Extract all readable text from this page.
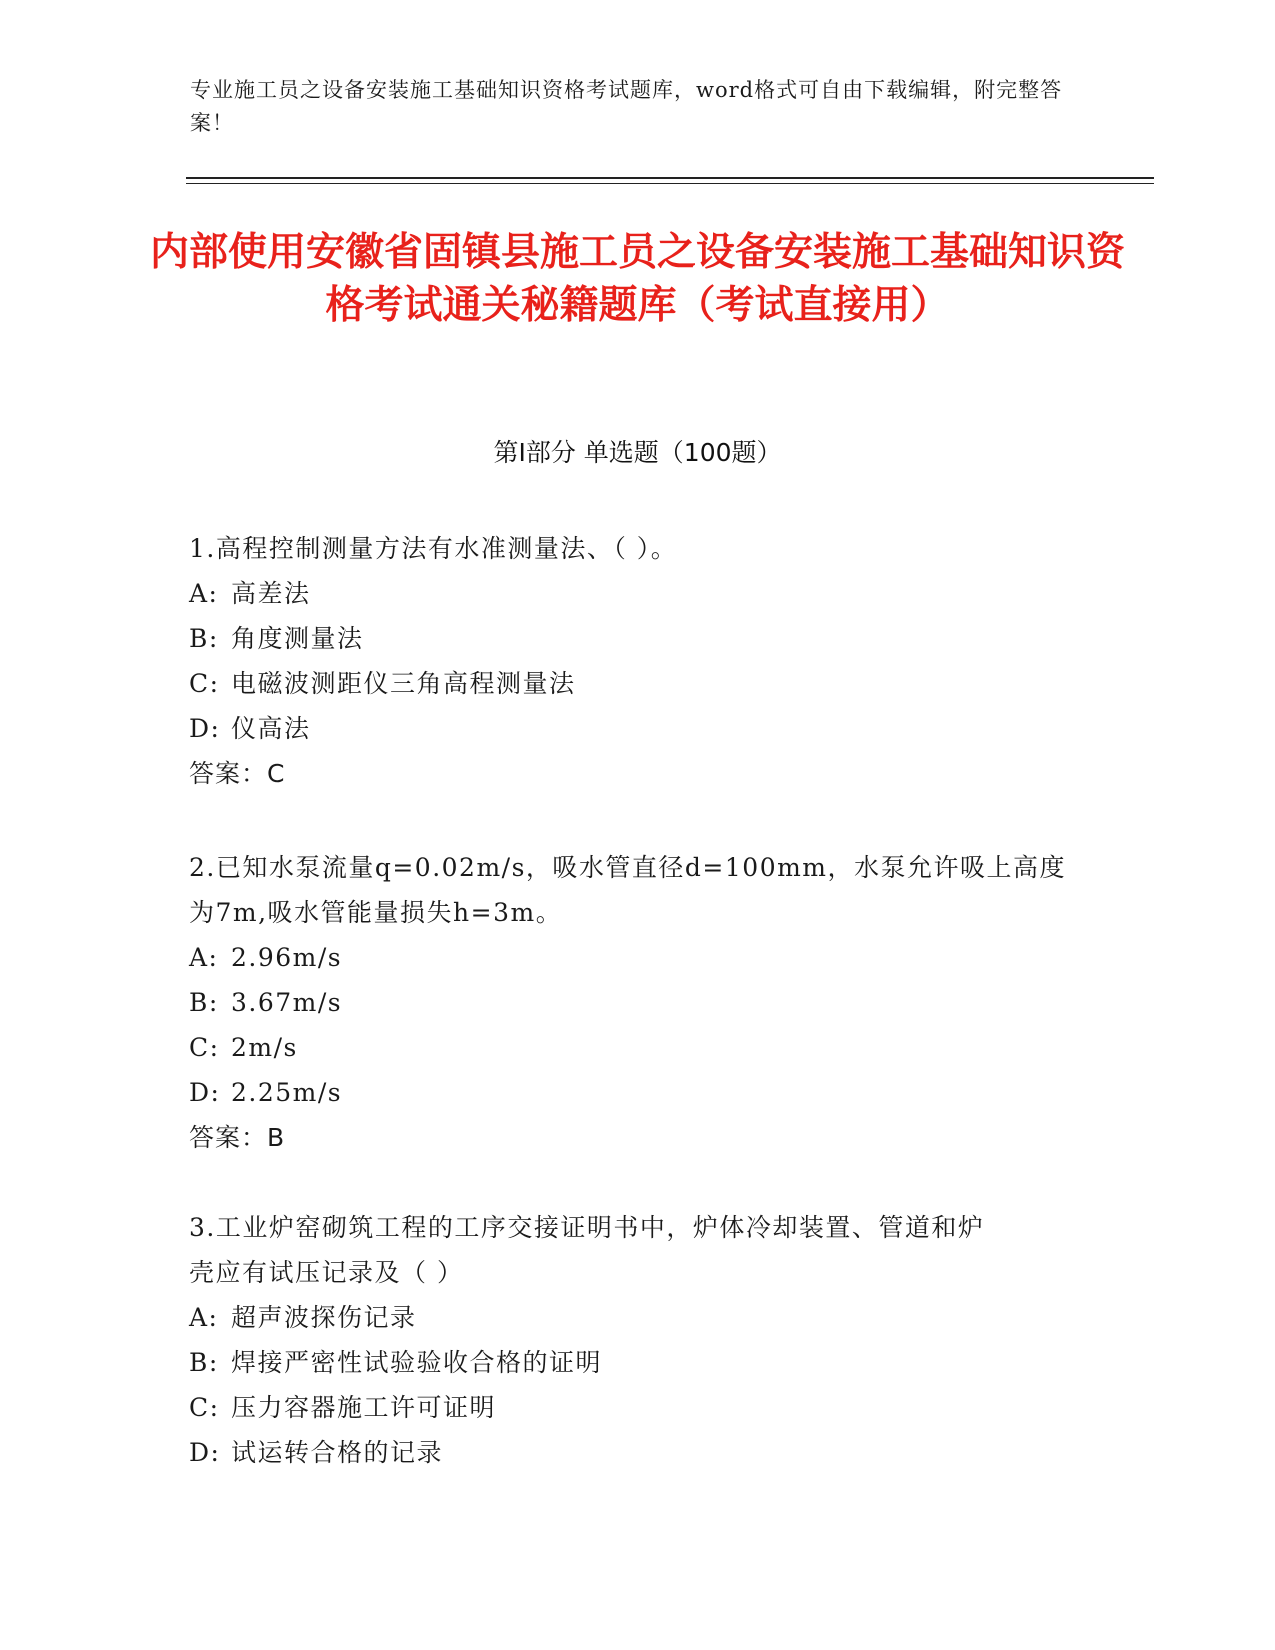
专业施工员之设备安装施工基础知识资格考试题库，word格式可自由下载编辑，附完整答案！
内部使用安徽省固镇县施工员之设备安装施工基础知识资格考试通关秘籍题库（考试直接用）
第Ⅰ部分 单选题（100题）
1.高程控制测量方法有水准测量法、（ ）。
A: 高差法
B: 角度测量法
C: 电磁波测距仪三角高程测量法
D: 仪高法
答案：C
2.已知水泵流量q=0.02m/s，吸水管直径d=100mm，水泵允许吸上高度
为7m,吸水管能量损失h=3m。
A: 2.96m/s
B: 3.67m/s
C: 2m/s
D: 2.25m/s
答案：B
3.工业炉窑砌筑工程的工序交接证明书中，炉体冷却装置、管道和炉
壳应有试压记录及（ ）
A: 超声波探伤记录
B: 焊接严密性试验验收合格的证明
C: 压力容器施工许可证明
D: 试运转合格的记录
